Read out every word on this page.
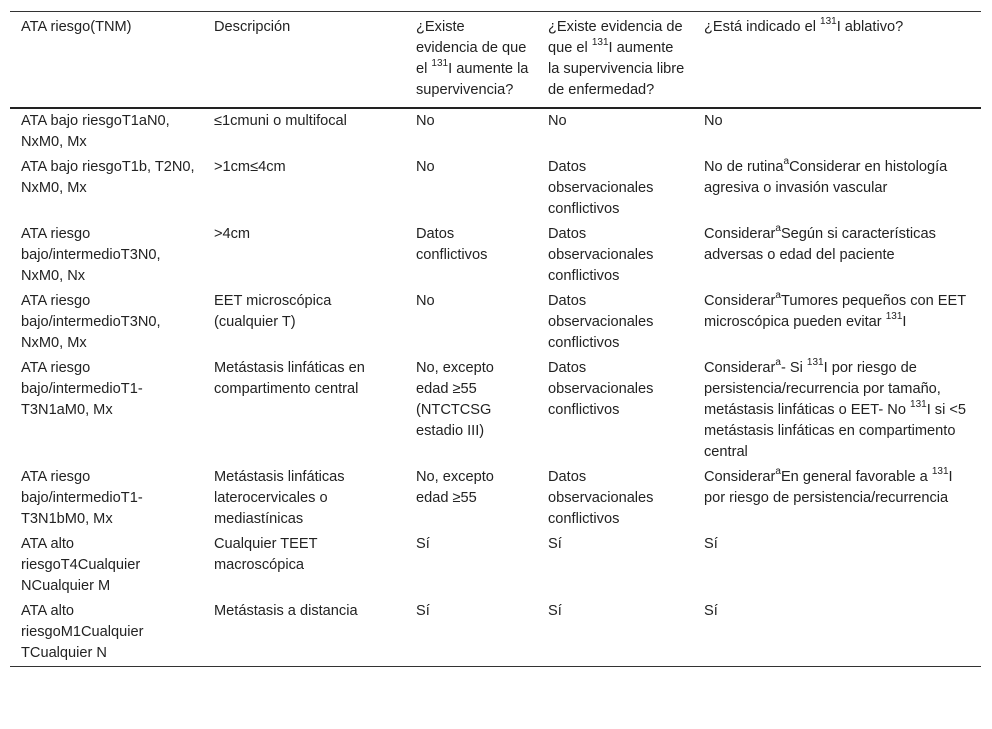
ATA riesgo(TNM)	Descripción	¿Existe evidencia de que el $^{131}$I aumente la supervivencia?	¿Existe evidencia de que el $^{131}$I aumente la supervivencia libre de enfermedad?	¿Está indicado el $^{131}$I ablativo?
ATA bajo riesgoT1aN0, NxM0, Mx	≤1cmuni o multifocal	No	No	No
ATA bajo riesgoT1b, T2N0, NxM0, Mx	>1cm≤4cm	No	Datos observacionales conflictivos	No de rutina$^a$Considerar en histología agresiva o invasión vascular
ATA riesgo bajo/intermedioT3N0, NxM0, Nx	>4cm	Datos conflictivos	Datos observacionales conflictivos	Considerar$^a$Según si características adversas o edad del paciente
ATA riesgo bajo/intermedioT3N0, NxM0, Mx	EET microscópica (cualquier T)	No	Datos observacionales conflictivos	Considerar$^a$Tumores pequeños con EET microscópica pueden evitar $^{131}$I
ATA riesgo bajo/intermedioT1-T3N1aM0, Mx	Metástasis linfáticas en compartimento central	No, excepto edad ≥55 (NTCTCSG estadio III)	Datos observacionales conflictivos	Considerar$^a$- Si $^{131}$I por riesgo de persistencia/recurrencia por tamaño, metástasis linfáticas o EET- No $^{131}$I si <5 metástasis linfáticas en compartimento central
ATA riesgo bajo/intermedioT1-T3N1bM0, Mx	Metástasis linfáticas laterocervicales o mediastínicas	No, excepto edad ≥55	Datos observacionales conflictivos	Considerar$^a$En general favorable a $^{131}$I por riesgo de persistencia/recurrencia
ATA alto riesgoT4Cualquier NCualquier M	Cualquier TEET macroscópica	Sí	Sí	Sí
ATA alto riesgoM1Cualquier TCualquier N	Metástasis a distancia	Sí	Sí	Sí
